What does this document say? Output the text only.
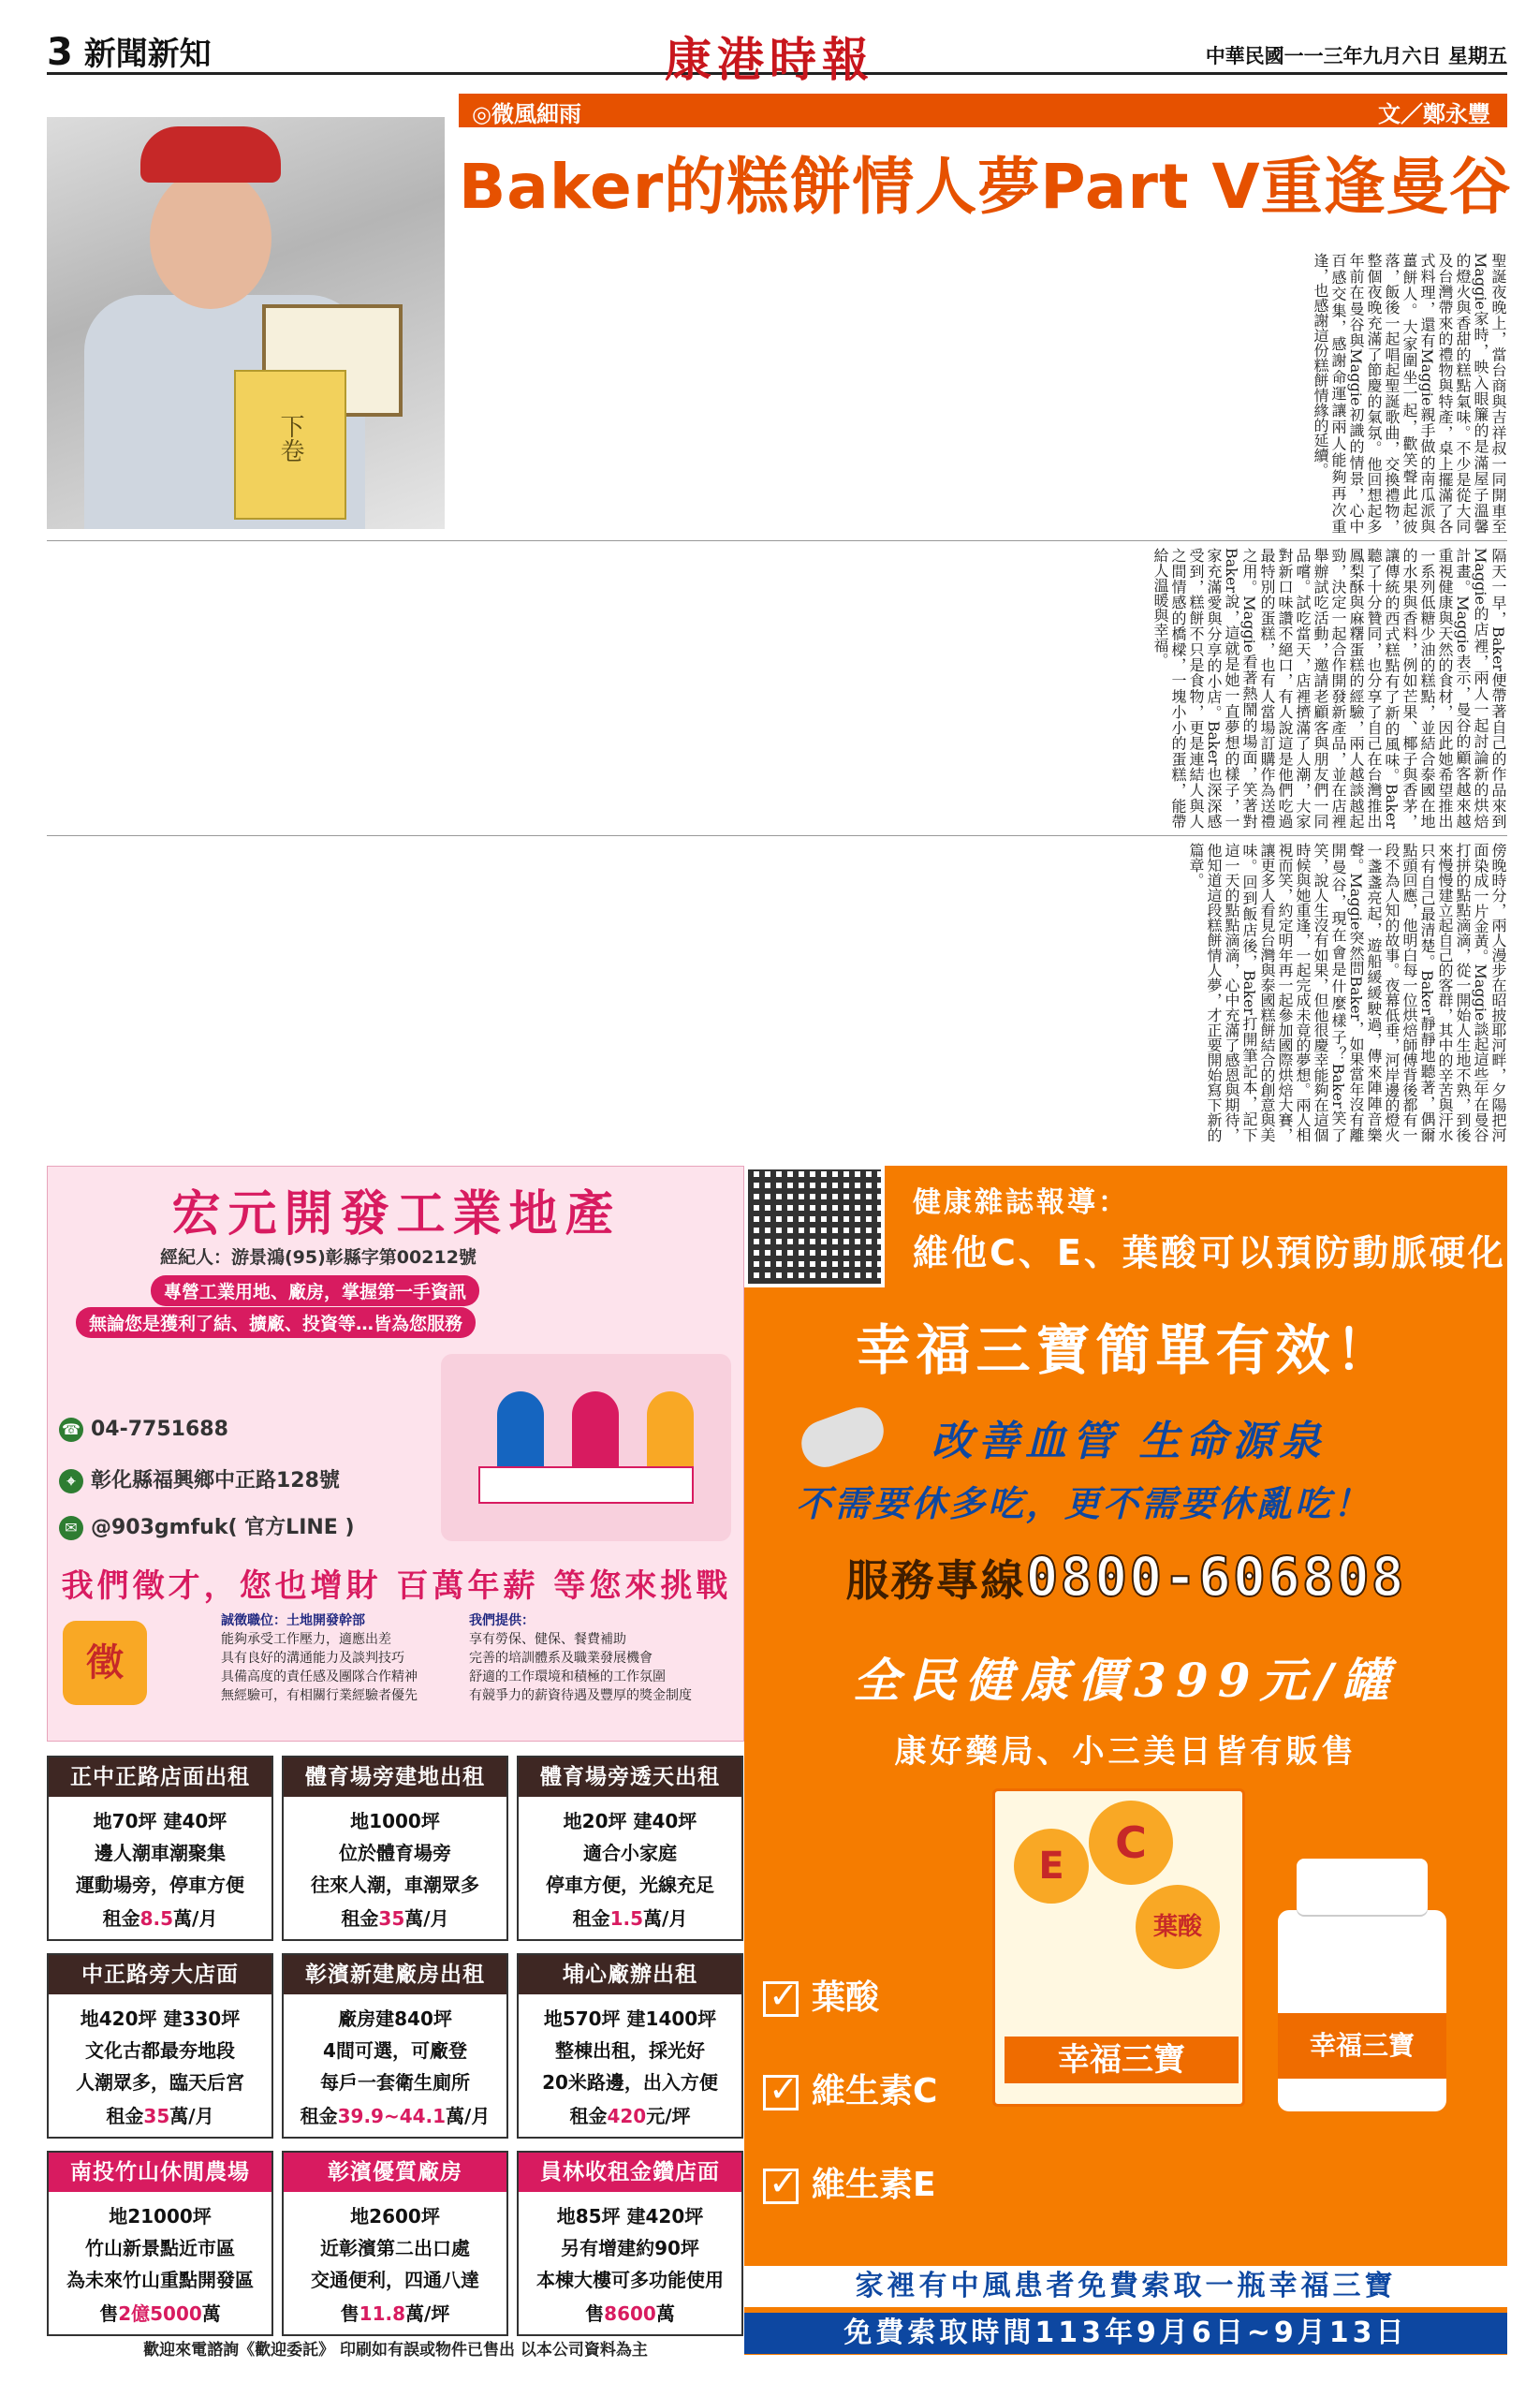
3 新聞新知	康港時報	中華民國一一三年九月六日 星期五
下卷
◎微風細雨	文／鄭永豐
Baker的糕餅情人夢Part V重逢曼谷
聖誕夜晚上，當台商與吉祥叔一同開車至Maggie家時，映入眼簾的是滿屋子溫馨的燈火與香甜的糕點氣味。不少是從大同及台灣帶來的禮物與特產，桌上擺滿了各式料理，還有Maggie親手做的南瓜派與薑餅人。大家圍坐一起，歡笑聲此起彼落，飯後一起唱起聖誕歌曲，交換禮物，整個夜晚充滿了節慶的氣氛。他回想起多年前在曼谷與Maggie初識的情景，心中百感交集，感謝命運讓兩人能夠再次重逢，也感謝這份糕餅情緣的延續。
隔天一早，Baker便帶著自己的作品來到Maggie的店裡，兩人一起討論新的烘焙計畫。Maggie表示，曼谷的顧客越來越重視健康與天然的食材，因此她希望推出一系列低糖少油的糕點，並結合泰國在地的水果與香料，例如芒果、椰子與香茅，讓傳統的西式糕點有了新的風味。Baker聽了十分贊同，也分享了自己在台灣推出鳳梨酥與麻糬蛋糕的經驗，兩人越談越起勁，決定一起合作開發新產品，並在店裡舉辦試吃活動，邀請老顧客與朋友們一同品嚐。試吃當天，店裡擠滿了人潮，大家對新口味讚不絕口，有人說這是他們吃過最特別的蛋糕，也有人當場訂購作為送禮之用。Maggie看著熱鬧的場面，笑著對Baker說，這就是她一直夢想的樣子，一家充滿愛與分享的小店。Baker也深深感受到，糕餅不只是食物，更是連結人與人之間情感的橋樑，一塊小小的蛋糕，能帶給人溫暖與幸福。
傍晚時分，兩人漫步在昭披耶河畔，夕陽把河面染成一片金黃。Maggie談起這些年在曼谷打拼的點點滴滴，從一開始人生地不熟，到後來慢慢建立起自己的客群，其中的辛苦與汗水只有自己最清楚。Baker靜靜地聽著，偶爾點頭回應，他明白每一位烘焙師傅背後都有一段不為人知的故事。夜幕低垂，河岸邊的燈火一盞盞亮起，遊船緩緩駛過，傳來陣陣音樂聲。Maggie突然問Baker，如果當年沒有離開曼谷，現在會是什麼樣子？Baker笑了笑，說人生沒有如果，但他很慶幸能夠在這個時候與她重逢，一起完成未竟的夢想。兩人相視而笑，約定明年再一起參加國際烘焙大賽，讓更多人看見台灣與泰國糕餅結合的創意與美味。回到飯店後，Baker打開筆記本，記下這一天的點點滴滴，心中充滿了感恩與期待，他知道這段糕餅情人夢，才正要開始寫下新的篇章。
宏元開發工業地產
經紀人：游景鴻(95)彰縣字第00212號
專營工業用地、廠房，掌握第一手資訊
無論您是獲利了結、擴廠、投資等…皆為您服務
☎ 04-7751688
⌖ 彰化縣福興鄉中正路128號
✉ @903gmfuk( 官方LINE )
我們徵才，您也增財 百萬年薪 等您來挑戰
徵
誠徵職位：土地開發幹部
能夠承受工作壓力，適應出差
具有良好的溝通能力及談判技巧
具備高度的責任感及團隊合作精神
無經驗可，有相關行業經驗者優先
我們提供：
享有勞保、健保、餐費補助
完善的培訓體系及職業發展機會
舒適的工作環境和積極的工作氛圍
有競爭力的薪資待遇及豐厚的獎金制度
正中正路店面出租
地70坪 建40坪
邊人潮車潮聚集
運動場旁，停車方便
租金8.5萬/月
體育場旁建地出租
地1000坪
位於體育場旁
往來人潮，車潮眾多
租金35萬/月
體育場旁透天出租
地20坪 建40坪
適合小家庭
停車方便，光線充足
租金1.5萬/月
中正路旁大店面
地420坪 建330坪
文化古都最夯地段
人潮眾多，臨天后宮
租金35萬/月
彰濱新建廠房出租
廠房建840坪
4間可選，可廠登
每戶一套衛生廁所
租金39.9~44.1萬/月
埔心廠辦出租
地570坪 建1400坪
整棟出租，採光好
20米路邊，出入方便
租金420元/坪
南投竹山休閒農場
地21000坪
竹山新景點近市區
為未來竹山重點開發區
售2億5000萬
彰濱優質廠房
地2600坪
近彰濱第二出口處
交通便利，四通八達
售11.8萬/坪
員林收租金鑽店面
地85坪 建420坪
另有增建約90坪
本棟大樓可多功能使用
售8600萬
歡迎來電諮詢《歡迎委託》 印刷如有誤或物件已售出 以本公司資料為主
健康雜誌報導：
維他C、E、葉酸可以預防動脈硬化
幸福三寶簡單有效！
改善血管 生命源泉
不需要休多吃，更不需要休亂吃！
服務專線0800-606808
全民健康價399元/罐
康好藥局、小三美日皆有販售
E	C
葉酸
幸福三寶	幸福三寶
✓葉酸
✓維生素C
✓維生素E
家裡有中風患者免費索取一瓶幸福三寶
免費索取時間113年9月6日~9月13日
